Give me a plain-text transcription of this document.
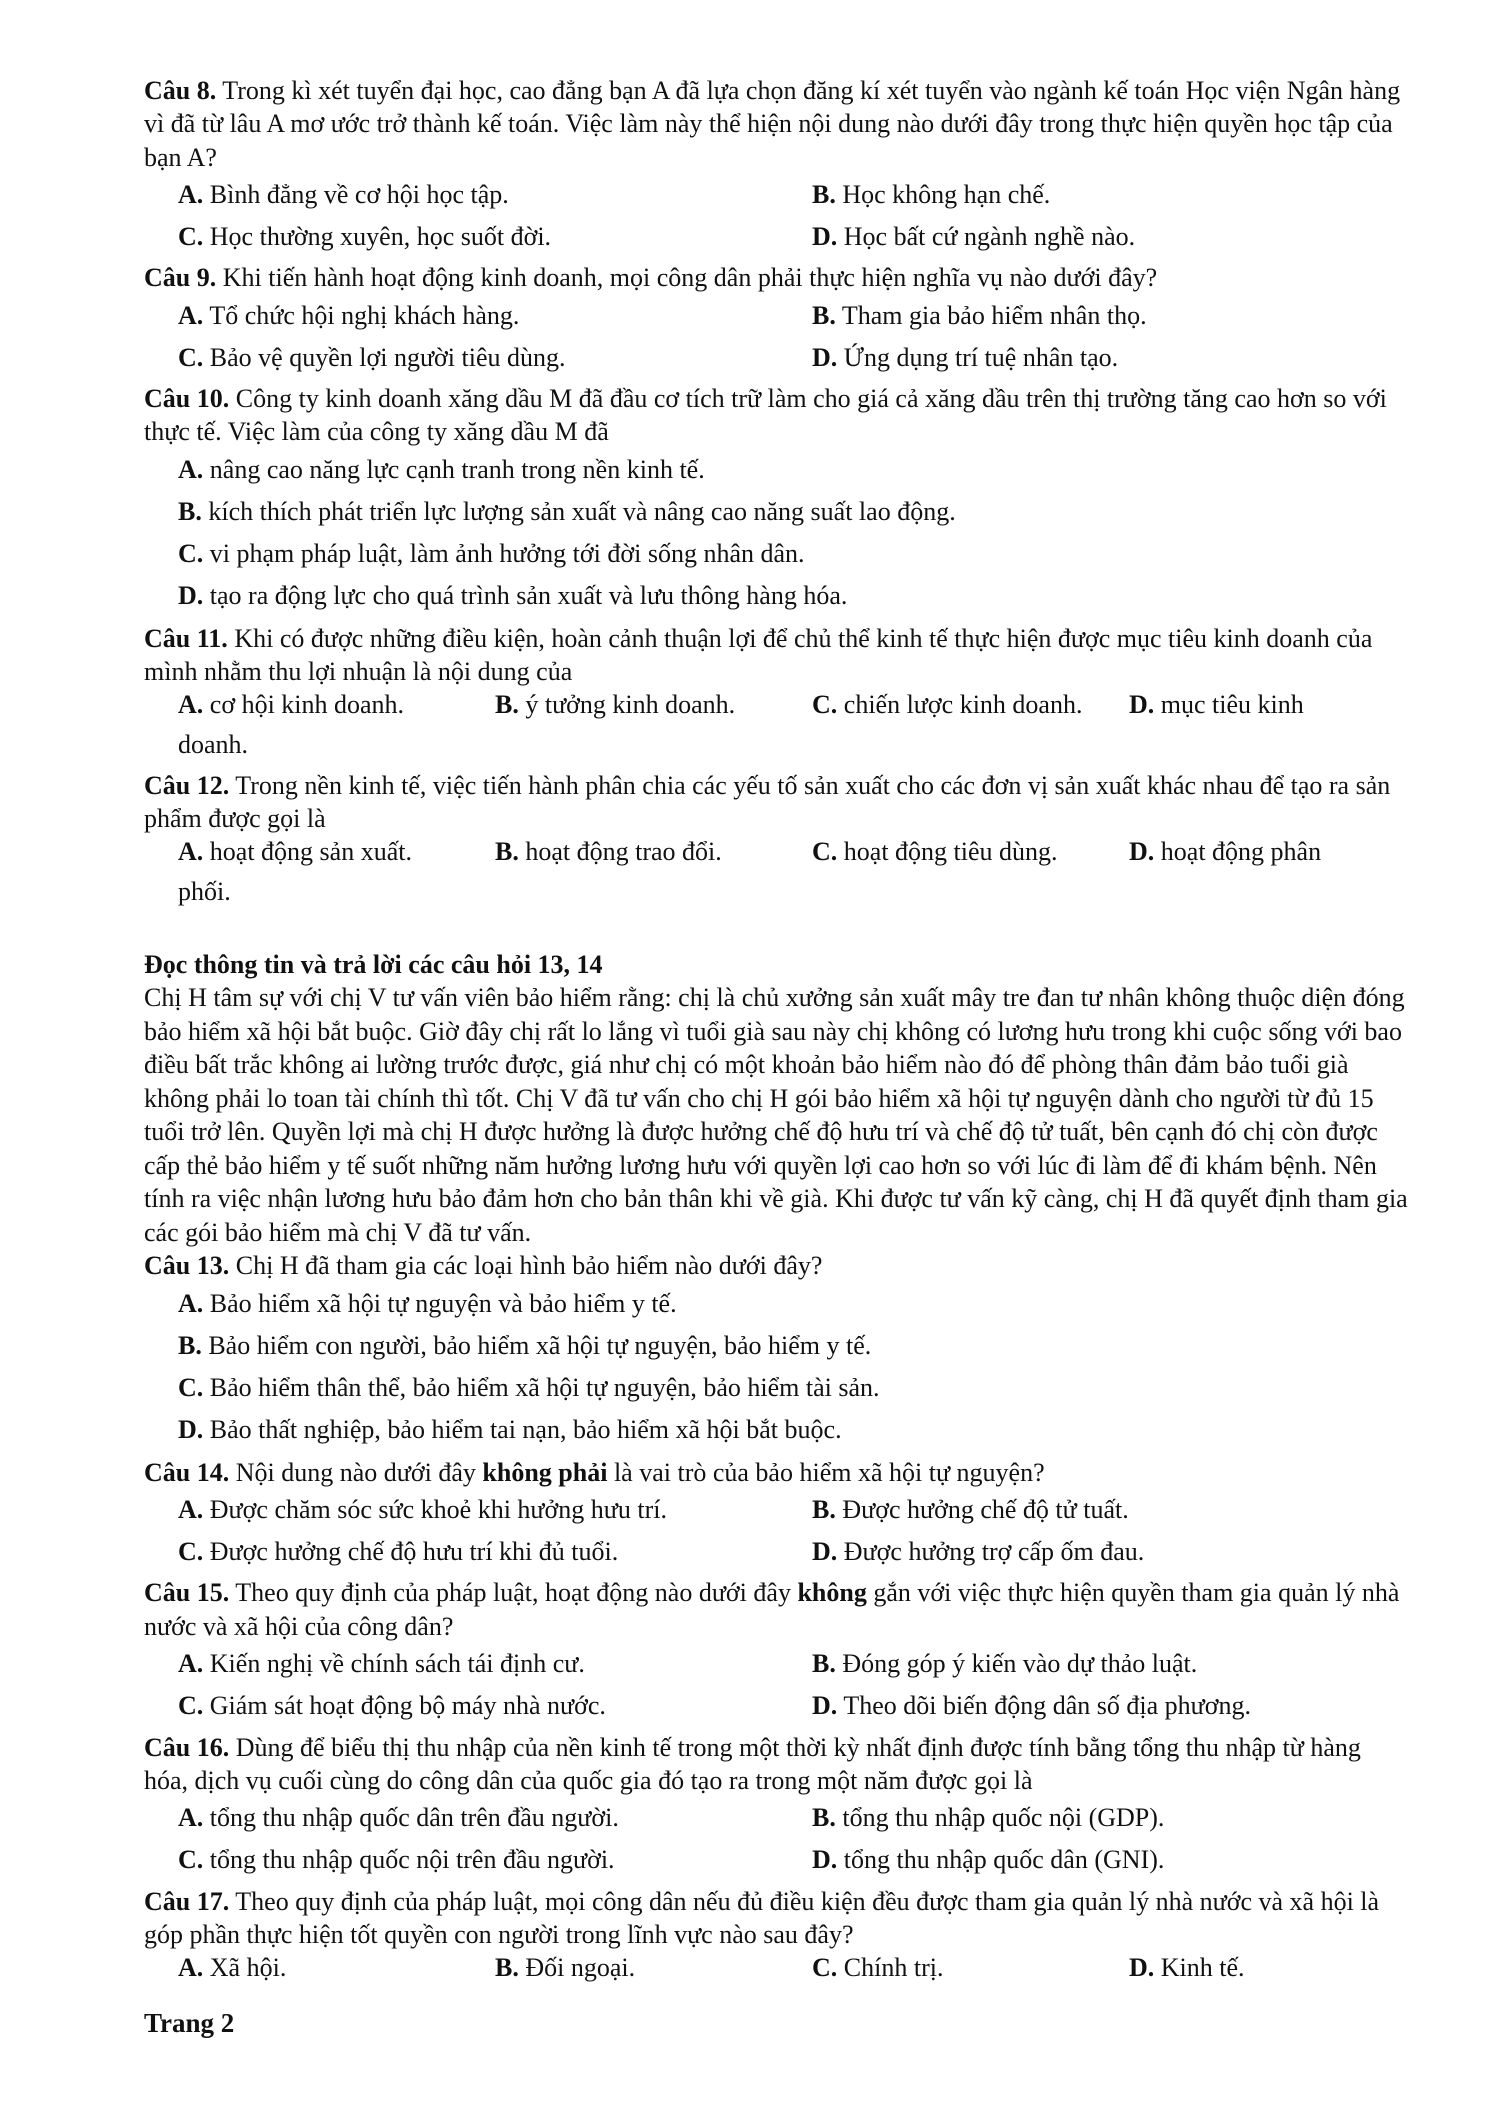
Câu 8. Trong kì xét tuyển đại học, cao đẳng bạn A đã lựa chọn đăng kí xét tuyển vào ngành kế toán Học viện Ngân hàng vì đã từ lâu A mơ ước trở thành kế toán. Việc làm này thể hiện nội dung nào dưới đây trong thực hiện quyền học tập của bạn A?

A. Bình đẳng về cơ hội học tập.	B. Học không hạn chế.
C. Học thường xuyên, học suốt đời.	D. Học bất cứ ngành nghề nào.

Câu 9. Khi tiến hành hoạt động kinh doanh, mọi công dân phải thực hiện nghĩa vụ nào dưới đây?

A. Tổ chức hội nghị khách hàng.	B. Tham gia bảo hiểm nhân thọ.
C. Bảo vệ quyền lợi người tiêu dùng.	D. Ứng dụng trí tuệ nhân tạo.

Câu 10. Công ty kinh doanh xăng dầu M đã đầu cơ tích trữ làm cho giá cả xăng dầu trên thị trường tăng cao hơn so với thực tế. Việc làm của công ty xăng dầu M đã

A. nâng cao năng lực cạnh tranh trong nền kinh tế.
B. kích thích phát triển lực lượng sản xuất và nâng cao năng suất lao động.
C. vi phạm pháp luật, làm ảnh hưởng tới đời sống nhân dân.
D. tạo ra động lực cho quá trình sản xuất và lưu thông hàng hóa.

Câu 11. Khi có được những điều kiện, hoàn cảnh thuận lợi để chủ thể kinh tế thực hiện được mục tiêu kinh doanh của mình nhằm thu lợi nhuận là nội dung của

A. cơ hội kinh doanh.	B. ý tưởng kinh doanh.	C. chiến lược kinh doanh.	D. mục tiêu kinh
doanh.

Câu 12. Trong nền kinh tế, việc tiến hành phân chia các yếu tố sản xuất cho các đơn vị sản xuất khác nhau để tạo ra sản phẩm được gọi là

A. hoạt động sản xuất.	B. hoạt động trao đổi.	C. hoạt động tiêu dùng.	D. hoạt động phân
phối.
Đọc thông tin và trả lời các câu hỏi 13, 14

Chị H tâm sự với chị V tư vấn viên bảo hiểm rằng: chị là chủ xưởng sản xuất mây tre đan tư nhân không thuộc diện đóng bảo hiểm xã hội bắt buộc. Giờ đây chị rất lo lắng vì tuổi già sau này chị không có lương hưu trong khi cuộc sống với bao điều bất trắc không ai lường trước được, giá như chị có một khoản bảo hiểm nào đó để phòng thân đảm bảo tuổi già không phải lo toan tài chính thì tốt. Chị V đã tư vấn cho chị H gói bảo hiểm xã hội tự nguyện dành cho người từ đủ 15 tuổi trở lên. Quyền lợi mà chị H được hưởng là được hưởng chế độ hưu trí và chế độ tử tuất, bên cạnh đó chị còn được cấp thẻ bảo hiểm y tế suốt những năm hưởng lương hưu với quyền lợi cao hơn so với lúc đi làm để đi khám bệnh. Nên tính ra việc nhận lương hưu bảo đảm hơn cho bản thân khi về già. Khi được tư vấn kỹ càng, chị H đã quyết định tham gia các gói bảo hiểm mà chị V đã tư vấn.

Câu 13. Chị H đã tham gia các loại hình bảo hiểm nào dưới đây?

A. Bảo hiểm xã hội tự nguyện và bảo hiểm y tế.
B. Bảo hiểm con người, bảo hiểm xã hội tự nguyện, bảo hiểm y tế.
C. Bảo hiểm thân thể, bảo hiểm xã hội tự nguyện, bảo hiểm tài sản.
D. Bảo thất nghiệp, bảo hiểm tai nạn, bảo hiểm xã hội bắt buộc.

Câu 14. Nội dung nào dưới đây không phải là vai trò của bảo hiểm xã hội tự nguyện?

A. Được chăm sóc sức khoẻ khi hưởng hưu trí.	B. Được hưởng chế độ tử tuất.
C. Được hưởng chế độ hưu trí khi đủ tuổi.	D. Được hưởng trợ cấp ốm đau.

Câu 15. Theo quy định của pháp luật, hoạt động nào dưới đây không gắn với việc thực hiện quyền tham gia quản lý nhà nước và xã hội của công dân?

A. Kiến nghị về chính sách tái định cư.	B. Đóng góp ý kiến vào dự thảo luật.
C. Giám sát hoạt động bộ máy nhà nước.	D. Theo dõi biến động dân số địa phương.

Câu 16. Dùng để biểu thị thu nhập của nền kinh tế trong một thời kỳ nhất định được tính bằng tổng thu nhập từ hàng hóa, dịch vụ cuối cùng do công dân của quốc gia đó tạo ra trong một năm được gọi là

A. tổng thu nhập quốc dân trên đầu người.	B. tổng thu nhập quốc nội (GDP).
C. tổng thu nhập quốc nội trên đầu người.	D. tổng thu nhập quốc dân (GNI).

Câu 17. Theo quy định của pháp luật, mọi công dân nếu đủ điều kiện đều được tham gia quản lý nhà nước và xã hội là góp phần thực hiện tốt quyền con người trong lĩnh vực nào sau đây?

A. Xã hội.	B. Đối ngoại.	C. Chính trị.	D. Kinh tế.
Trang 2
